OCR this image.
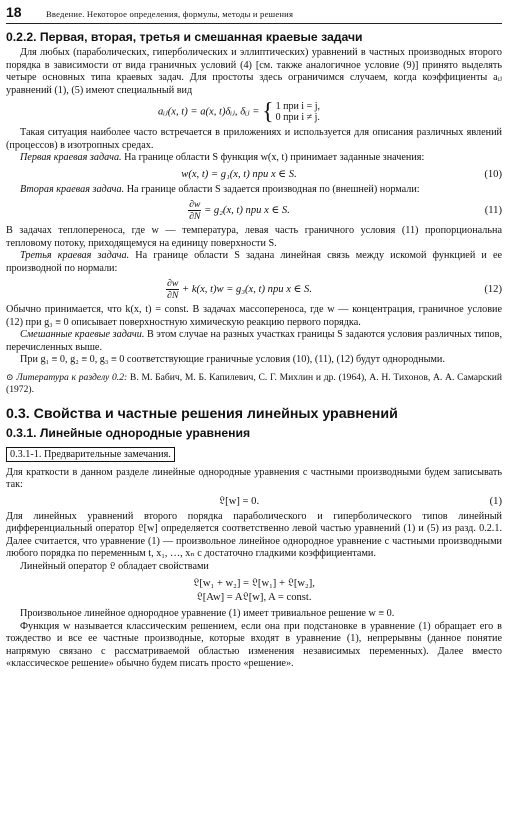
18	Введение. Некоторое определения, формулы, методы и решения
0.2.2. Первая, вторая, третья и смешанная краевые задачи

Для любых (параболических, гиперболических и эллиптических) уравнений в частных производных второго порядка в зависимости от вида граничных условий (4) [см. также аналогичное условие (9)] принято выделять четыре основных типа краевых задач. Для простоты здесь ограничимся случаем, когда коэффициенты aᵢⱼ уравнений (1), (5) имеют специальный вид

aᵢⱼ(x, t) = a(x, t)δᵢⱼ, δᵢⱼ = { 1 при i = j,
0 при i ≠ j.

Такая ситуация наиболее часто встречается в приложениях и используется для описания различных явлений (процессов) в изотропных средах.

Первая краевая задача. На границе области S функция w(x, t) принимает заданные значения:

w(x, t) = g₁(x, t) при x ∈ S.	(10)

Вторая краевая задача. На границе области S задается производная по (внешней) нормали:

$\frac{\partial w}{\partial N} = g_2(x$, t) при x ∈ S.	(11)

В задачах теплопереноса, где w — температура, левая часть граничного условия (11) пропорциональна тепловому потоку, приходящемуся на единицу поверхности S.

Третья краевая задача. На границе области S задана линейная связь между искомой функцией и ее производной по нормали:

$\frac{\partial w}{\partial N} + k(x$, t)w = g₃(x, t) при x ∈ S.	(12)

Обычно принимается, что k(x, t) = const. В задачах массопереноса, где w — концентрация, граничное условие (12) при g₃ ≡ 0 описывает поверхностную химическую реакцию первого порядка.

Смешанные краевые задачи. В этом случае на разных участках границы S задаются условия различных типов, перечисленных выше.

При g₁ ≡ 0, g₂ ≡ 0, g₃ ≡ 0 соответствующие граничные условия (10), (11), (12) будут однородными.

⊙ Литература к разделу 0.2: В. М. Бабич, М. Б. Капилевич, С. Г. Михлин и др. (1964), А. Н. Тихонов, А. А. Самарский (1972).

0.3. Свойства и частные решения линейных уравнений
0.3.1. Линейные однородные уравнения
0.3.1-1. Предварительные замечания.

Для краткости в данном разделе линейные однородные уравнения с частными производными будем записывать так:

𝔏[w] = 0.	(1)

Для линейных уравнений второго порядка параболического и гиперболического типов линейный дифференциальный оператор 𝔏[w] определяется соответственно левой частью уравнений (1) и (5) из разд. 0.2.1. Далее считается, что уравнение (1) — произвольное линейное однородное уравнение с частными производными любого порядка по переменным t, x₁, …, xₙ с достаточно гладкими коэффициентами.

Линейный оператор 𝔏 обладает свойствами

𝔏[w₁ + w₂] = 𝔏[w₁] + 𝔏[w₂],
𝔏[Aw] = A𝔏[w], A = const.

Произвольное линейное однородное уравнение (1) имеет тривиальное решение w ≡ 0.

Функция w называется классическим решением, если она при подстановке в уравнение (1) обращает его в тождество и все ее частные производные, которые входят в уравнение (1), непрерывны (данное понятие напрямую связано с рассматриваемой областью изменения независимых переменных). Далее вместо «классическое решение» обычно будем писать просто «решение».
